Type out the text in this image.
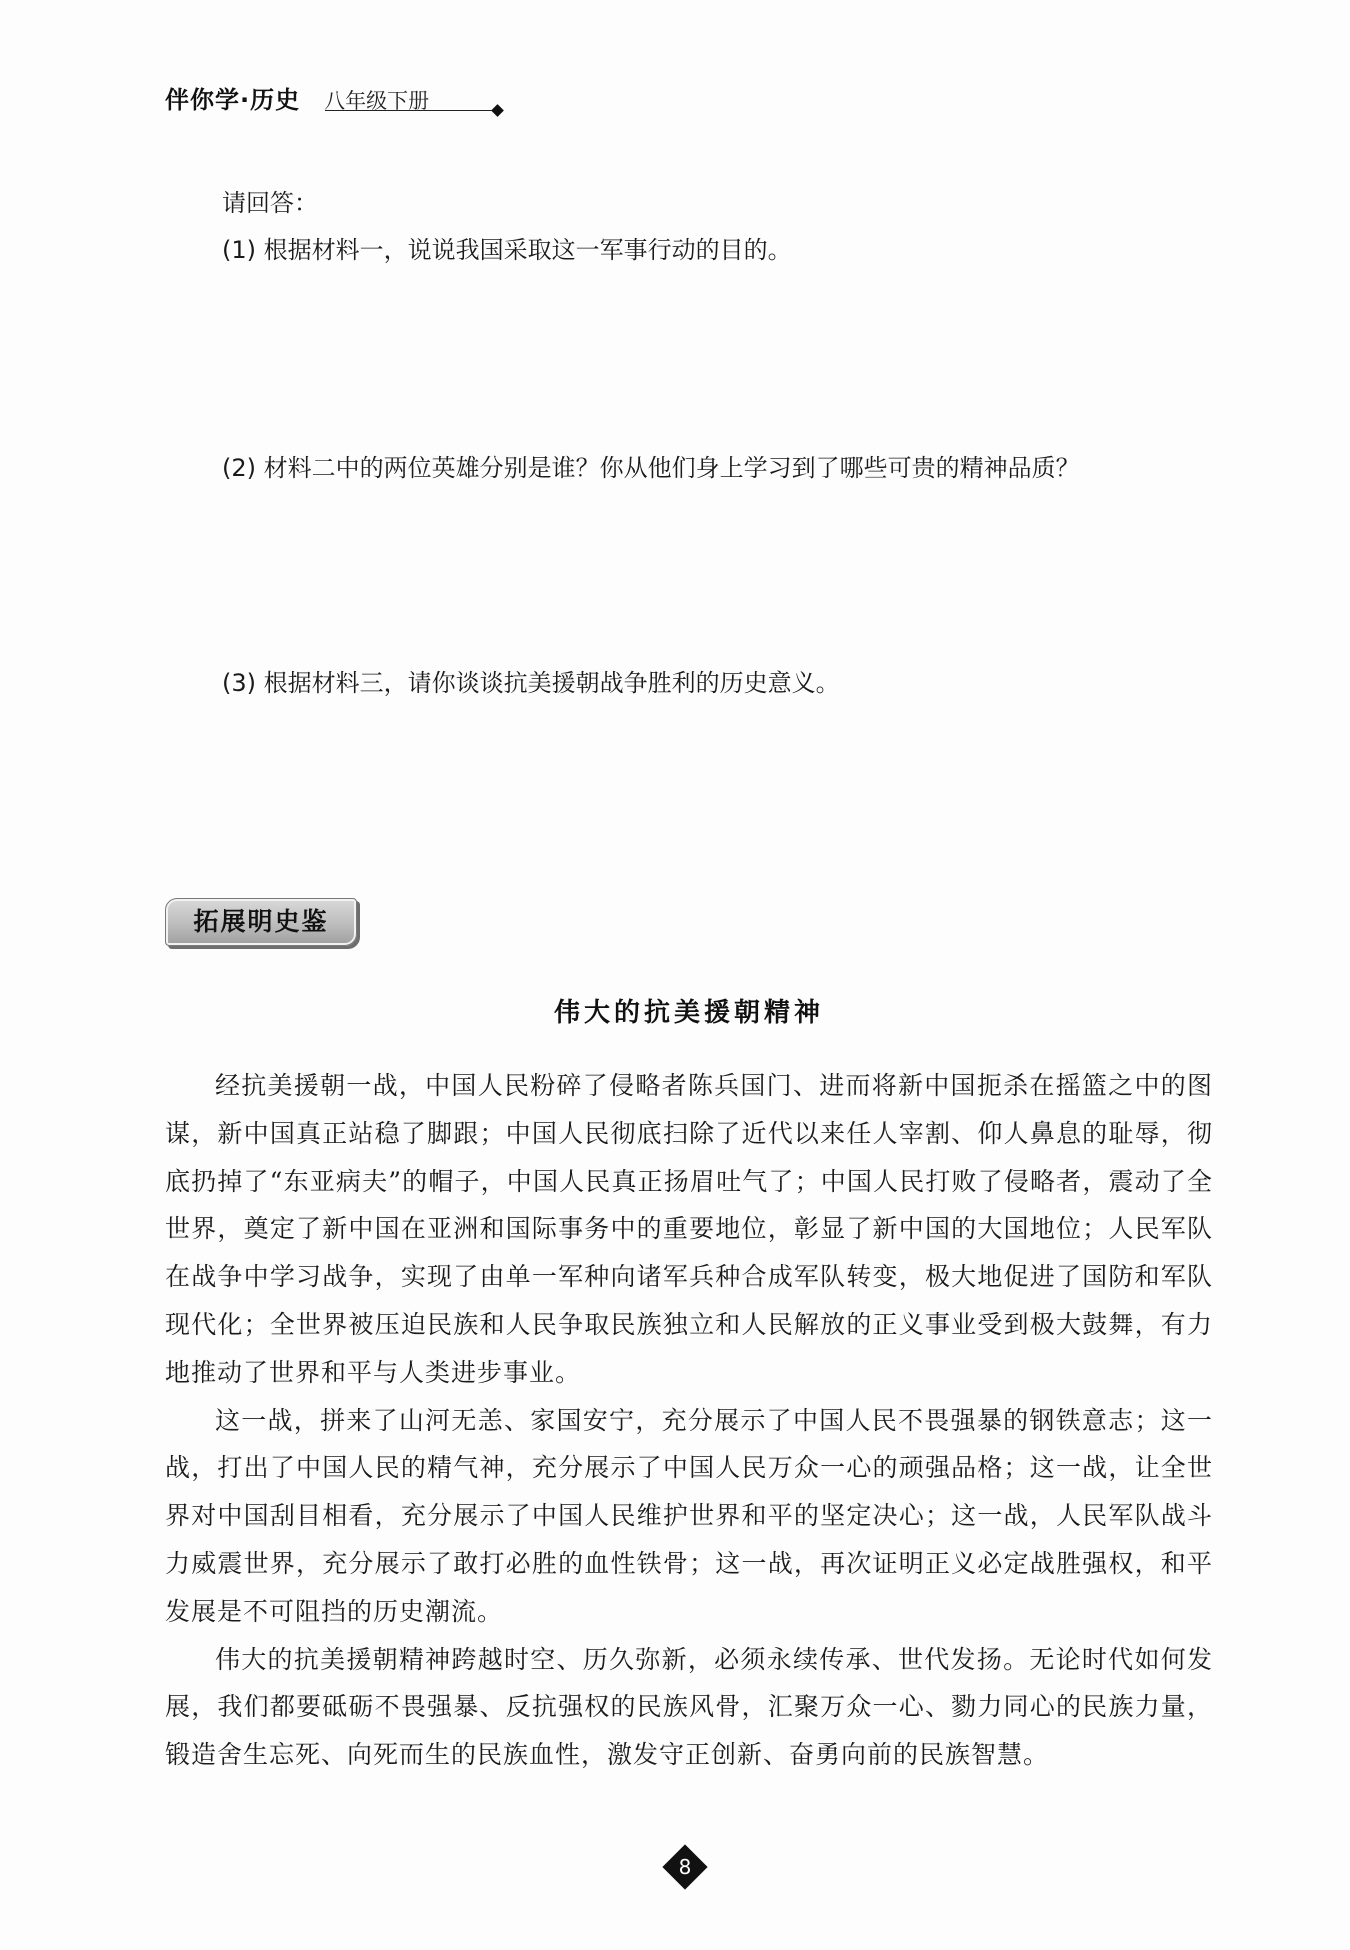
伴你学·历史 八年级下册
请回答：
(1) 根据材料一，说说我国采取这一军事行动的目的。
(2) 材料二中的两位英雄分别是谁？你从他们身上学习到了哪些可贵的精神品质？
(3) 根据材料三，请你谈谈抗美援朝战争胜利的历史意义。
拓展明史鉴
伟大的抗美援朝精神

经抗美援朝一战，中国人民粉碎了侵略者陈兵国门、进而将新中国扼杀在摇篮之中的图谋，新中国真正站稳了脚跟；中国人民彻底扫除了近代以来任人宰割、仰人鼻息的耻辱，彻底扔掉了“东亚病夫”的帽子，中国人民真正扬眉吐气了；中国人民打败了侵略者，震动了全世界，奠定了新中国在亚洲和国际事务中的重要地位，彰显了新中国的大国地位；人民军队在战争中学习战争，实现了由单一军种向诸军兵种合成军队转变，极大地促进了国防和军队现代化；全世界被压迫民族和人民争取民族独立和人民解放的正义事业受到极大鼓舞，有力地推动了世界和平与人类进步事业。

这一战，拼来了山河无恙、家国安宁，充分展示了中国人民不畏强暴的钢铁意志；这一战，打出了中国人民的精气神，充分展示了中国人民万众一心的顽强品格；这一战，让全世界对中国刮目相看，充分展示了中国人民维护世界和平的坚定决心；这一战，人民军队战斗力威震世界，充分展示了敢打必胜的血性铁骨；这一战，再次证明正义必定战胜强权，和平发展是不可阻挡的历史潮流。

伟大的抗美援朝精神跨越时空、历久弥新，必须永续传承、世代发扬。无论时代如何发展，我们都要砥砺不畏强暴、反抗强权的民族风骨，汇聚万众一心、勠力同心的民族力量，锻造舍生忘死、向死而生的民族血性，激发守正创新、奋勇向前的民族智慧。

8
